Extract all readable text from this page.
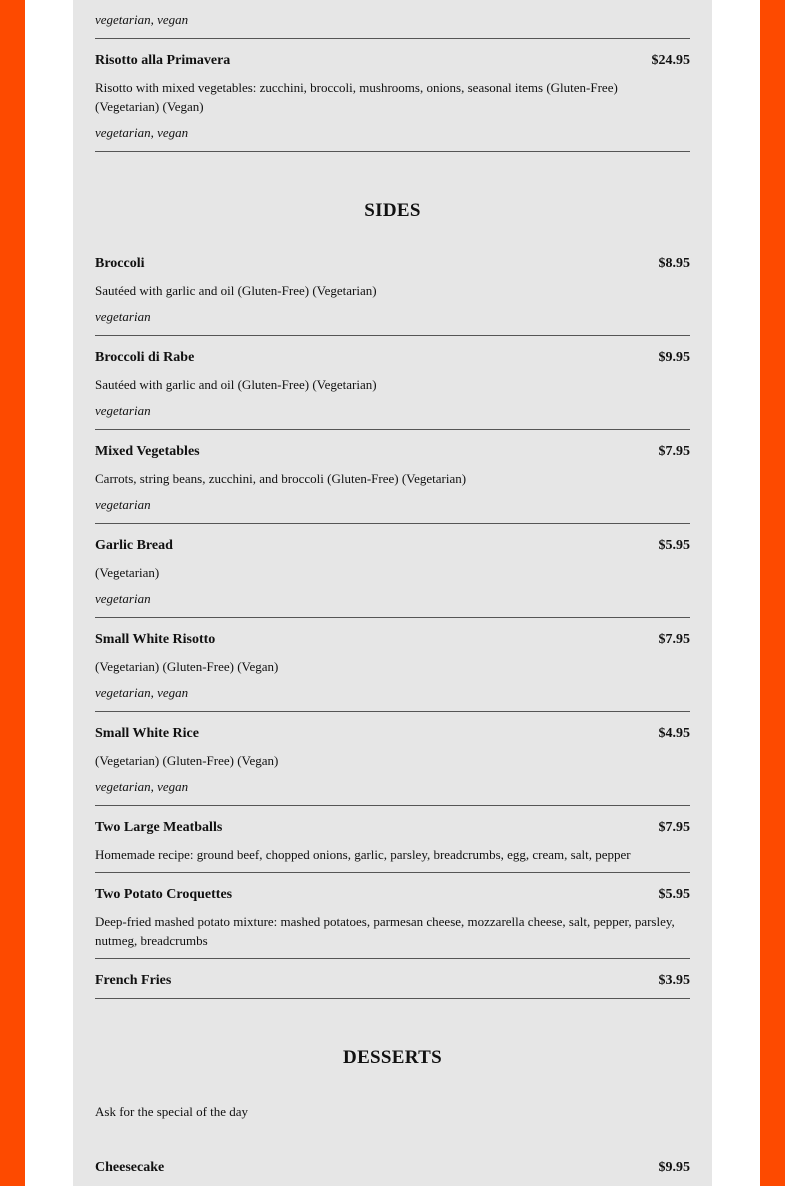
vegetarian, vegan
Risotto alla Primavera	$24.95
Risotto with mixed vegetables: zucchini, broccoli, mushrooms, onions, seasonal items (Gluten-Free) (Vegetarian) (Vegan)
vegetarian, vegan
SIDES
Broccoli	$8.95
Sautéed with garlic and oil (Gluten-Free) (Vegetarian)
vegetarian
Broccoli di Rabe	$9.95
Sautéed with garlic and oil (Gluten-Free) (Vegetarian)
vegetarian
Mixed Vegetables	$7.95
Carrots, string beans, zucchini, and broccoli (Gluten-Free) (Vegetarian)
vegetarian
Garlic Bread	$5.95
(Vegetarian)
vegetarian
Small White Risotto	$7.95
(Vegetarian) (Gluten-Free) (Vegan)
vegetarian, vegan
Small White Rice	$4.95
(Vegetarian) (Gluten-Free) (Vegan)
vegetarian, vegan
Two Large Meatballs	$7.95
Homemade recipe: ground beef, chopped onions, garlic, parsley, breadcrumbs, egg, cream, salt, pepper
Two Potato Croquettes	$5.95
Deep-fried mashed potato mixture: mashed potatoes, parmesan cheese, mozzarella cheese, salt, pepper, parsley, nutmeg, breadcrumbs
French Fries	$3.95
DESSERTS
Ask for the special of the day
Cheesecake	$9.95
